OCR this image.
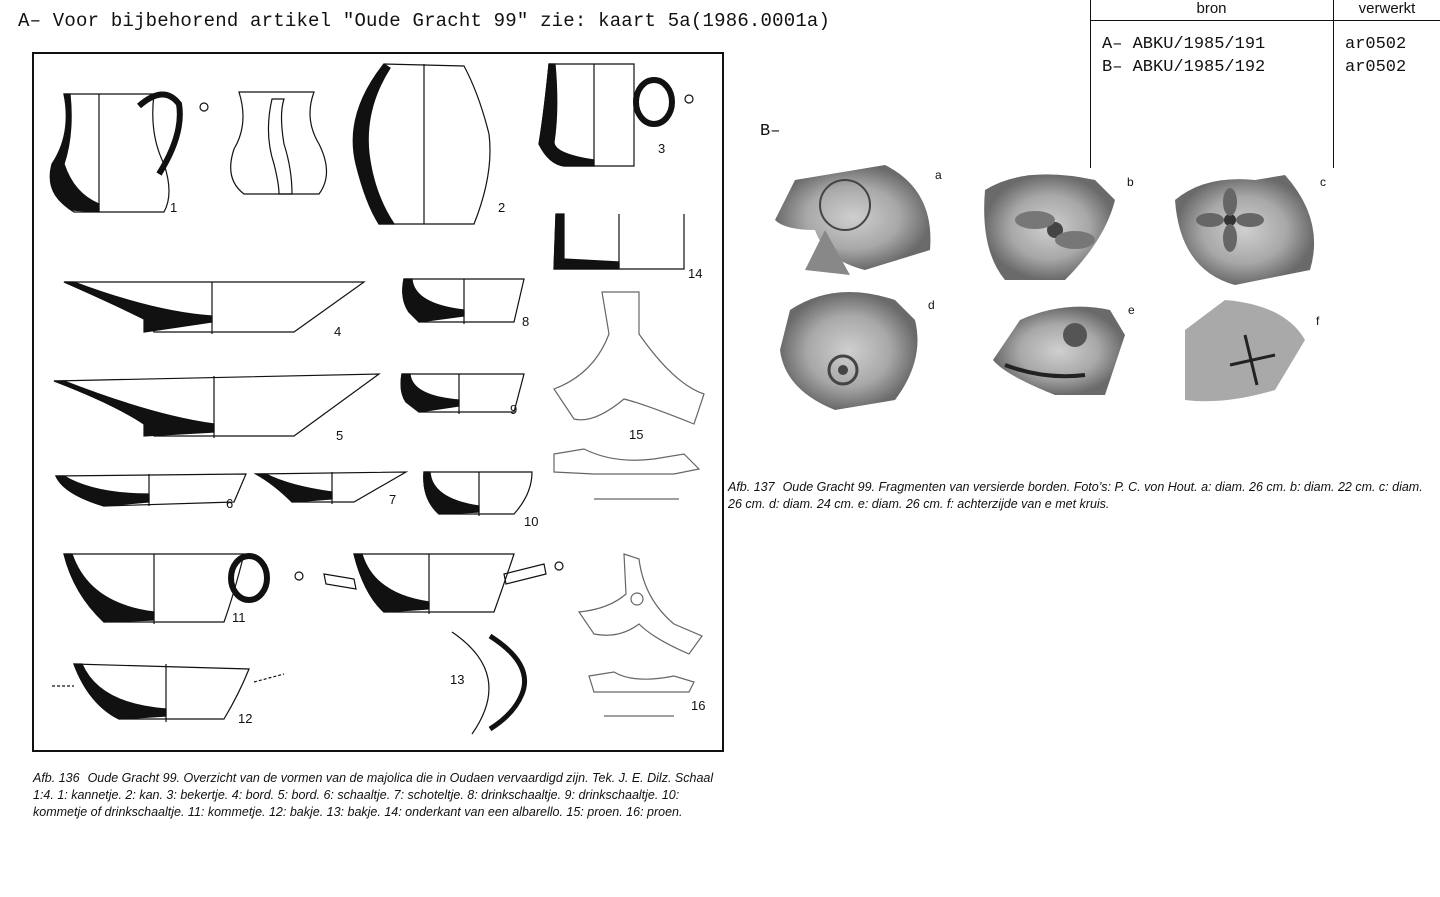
A– Voor bijbehorend artikel "Oude Gracht 99" zie: kaart 5a(1986.0001a)
bron	verwerkt
A– ABKU/1985/191	ar0502
B– ABKU/1985/192	ar0502
B–
1	2
3
4
5
6	7
8
9
10
11
12
13
14
15
16
a	b	c
d	e
f
Afb. 136 Oude Gracht 99. Overzicht van de vormen van de majolica die in Oudaen vervaardigd zijn. Tek. J. E. Dilz. Schaal 1:4. 1: kannetje. 2: kan. 3: bekertje. 4: bord. 5: bord. 6: schaaltje. 7: schoteltje. 8: drinkschaaltje. 9: drinkschaaltje. 10: kommetje of drinkschaaltje. 11: kommetje. 12: bakje. 13: bakje. 14: onderkant van een albarello. 15: proen. 16: proen.
Afb. 137 Oude Gracht 99. Fragmenten van versierde borden. Foto’s: P. C. von Hout. a: diam. 26 cm. b: diam. 22 cm. c: diam. 26 cm. d: diam. 24 cm. e: diam. 26 cm. f: achterzijde van e met kruis.
